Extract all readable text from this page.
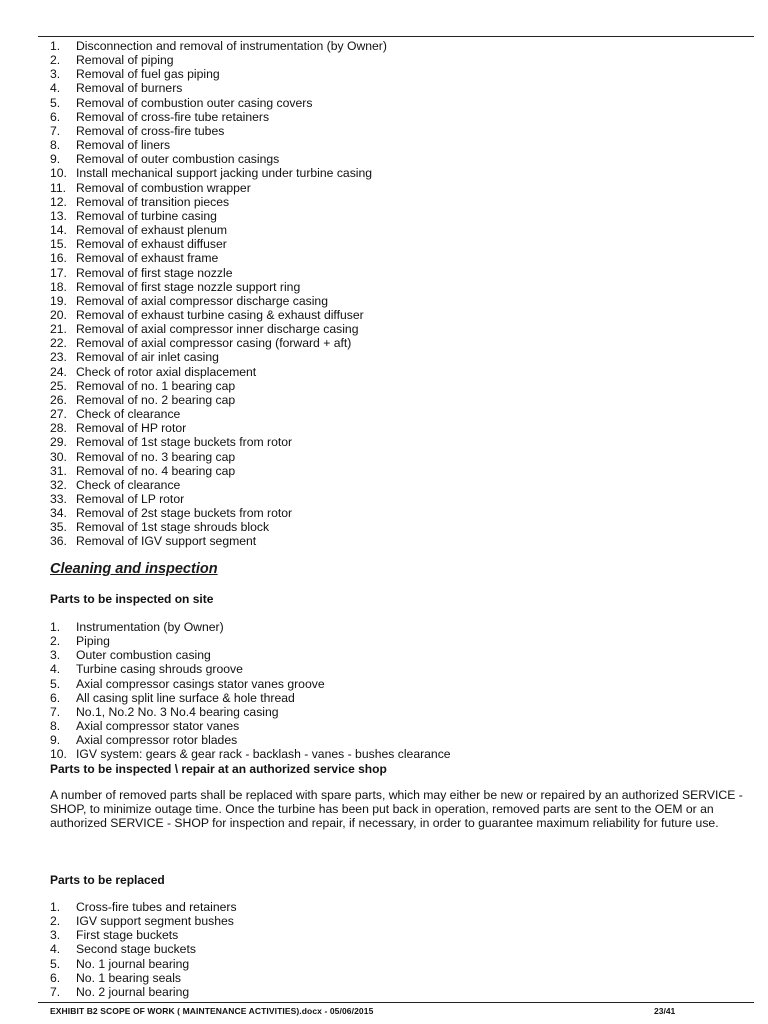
1.	Disconnection and removal of instrumentation (by Owner)
2.	Removal of piping
3.	Removal of fuel gas piping
4.	Removal of burners
5.	Removal of combustion outer casing covers
6.	Removal of cross-fire tube retainers
7.	Removal of cross-fire tubes
8.	Removal of liners
9.	Removal of outer combustion casings
10. Install mechanical support jacking under turbine casing
11. Removal of combustion wrapper
12. Removal of transition pieces
13. Removal of turbine casing
14. Removal of exhaust plenum
15. Removal of exhaust diffuser
16. Removal of exhaust frame
17. Removal of first stage nozzle
18. Removal of first stage nozzle support ring
19. Removal of axial compressor discharge casing
20. Removal of exhaust turbine casing & exhaust diffuser
21. Removal of axial compressor inner discharge casing
22. Removal of axial compressor casing (forward + aft)
23. Removal of air inlet casing
24. Check of rotor axial displacement
25. Removal of no. 1 bearing cap
26. Removal of no. 2 bearing cap
27. Check of clearance
28. Removal of HP rotor
29. Removal of 1st stage buckets from rotor
30. Removal of no. 3 bearing cap
31. Removal of no. 4 bearing cap
32. Check of clearance
33. Removal of LP rotor
34. Removal of 2st stage buckets from rotor
35. Removal of 1st stage shrouds block
36. Removal of IGV support segment
Cleaning and inspection
Parts to be inspected on site
1.	Instrumentation (by Owner)
2.	Piping
3.	Outer combustion casing
4.	Turbine casing shrouds groove
5.	Axial compressor casings stator vanes groove
6.	All casing split line surface & hole thread
7.	No.1, No.2 No. 3 No.4 bearing casing
8.	Axial compressor stator vanes
9.	Axial compressor rotor blades
10. IGV system: gears & gear rack - backlash - vanes - bushes clearance
Parts to be inspected \ repair at an authorized service shop

A number of removed parts shall be replaced with spare parts, which may either be new or repaired by an authorized SERVICE - SHOP, to minimize outage time. Once the turbine has been put back in operation, removed parts are sent to the OEM or an authorized SERVICE - SHOP for inspection and repair, if necessary, in order to guarantee maximum reliability for future use.

Parts to be replaced
1.	Cross-fire tubes and retainers
2.	IGV support segment bushes
3.	First stage buckets
4.	Second stage buckets
5.	No. 1 journal bearing
6.	No. 1 bearing seals
7.	No. 2 journal bearing
EXHIBIT B2 SCOPE OF WORK ( MAINTENANCE ACTIVITIES).docx - 05/06/2015	23/41
